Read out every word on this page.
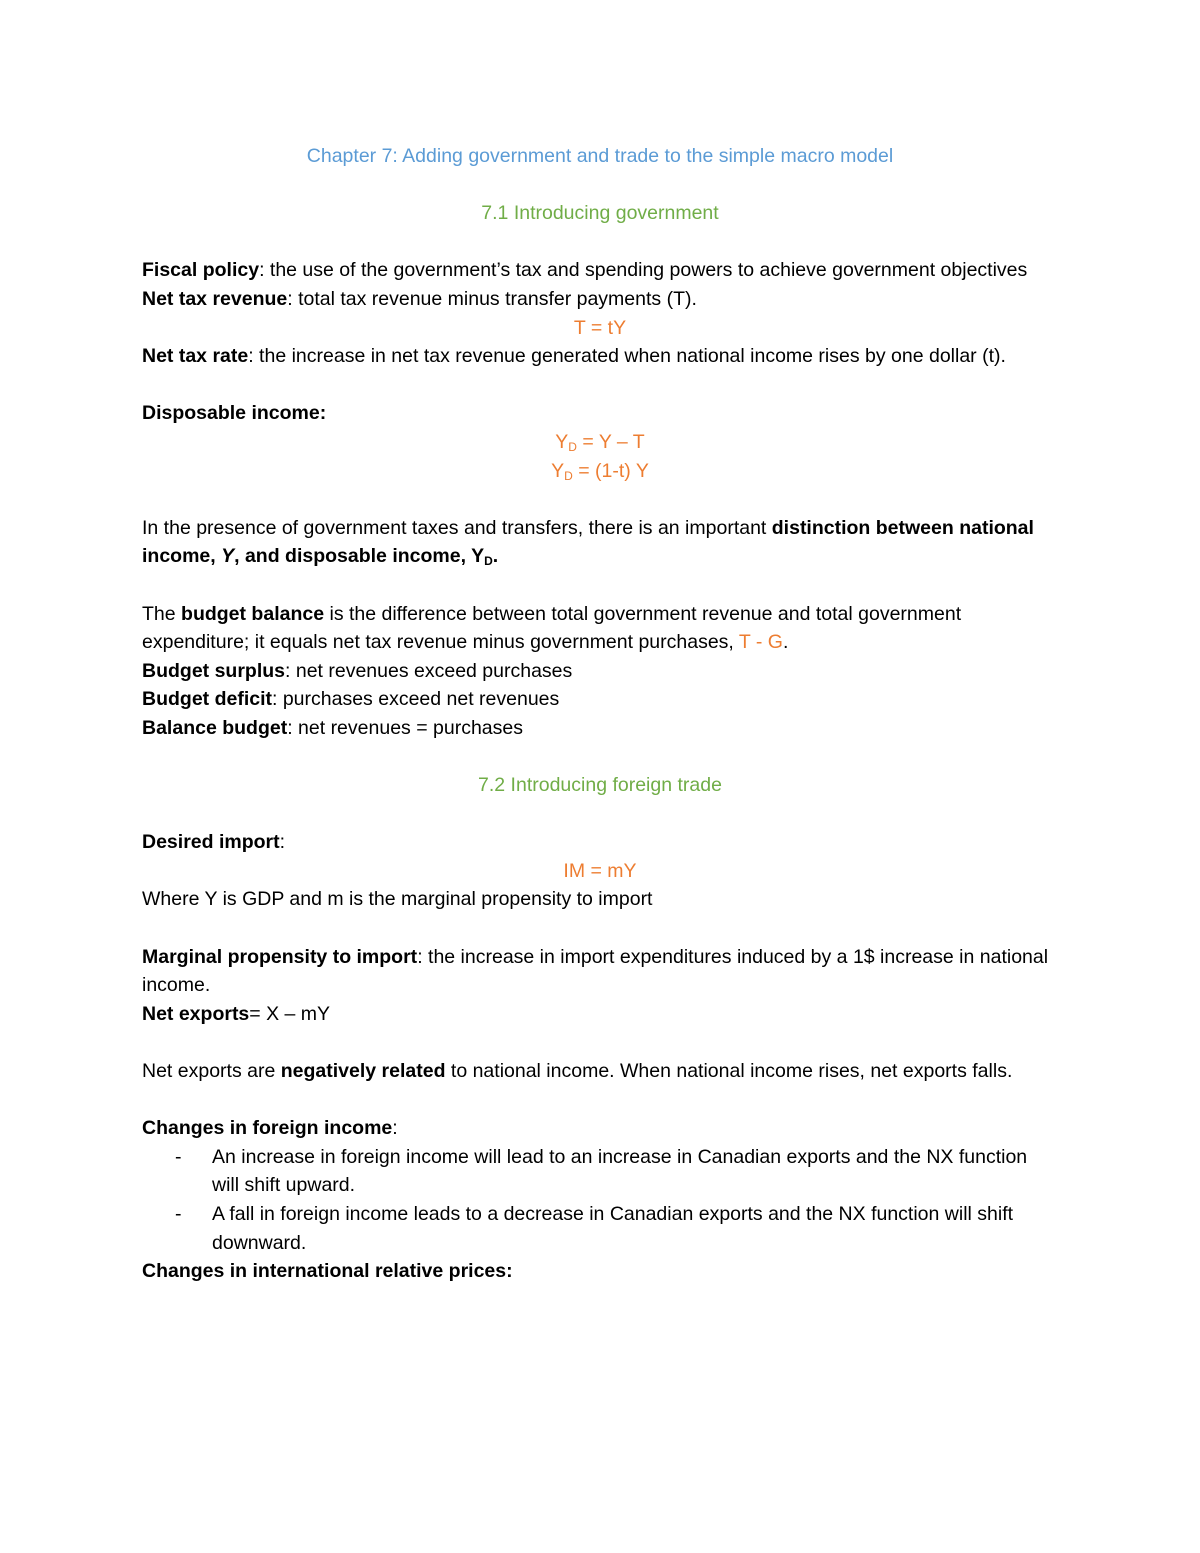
Chapter 7: Adding government and trade to the simple macro model

7.1 Introducing government

Fiscal policy: the use of the government’s tax and spending powers to achieve government objectives

Net tax revenue: total tax revenue minus transfer payments (T).

T = tY

Net tax rate: the increase in net tax revenue generated when national income rises by one dollar (t).

Disposable income:

$Y_D = Y - T$

$Y_D = (1-t)$ Y

In the presence of government taxes and transfers, there is an important distinction between national income, Y, and disposable income, $Y_D$.

The budget balance is the difference between total government revenue and total government expenditure; it equals net tax revenue minus government purchases, T - G.

Budget surplus: net revenues exceed purchases

Budget deficit: purchases exceed net revenues

Balance budget: net revenues = purchases

7.2 Introducing foreign trade

Desired import:

IM = mY

Where Y is GDP and m is the marginal propensity to import

Marginal propensity to import: the increase in import expenditures induced by a 1$ increase in national income.

Net exports= X – mY

Net exports are negatively related to national income. When national income rises, net exports falls.

Changes in foreign income:

- An increase in foreign income will lead to an increase in Canadian exports and the NX function will shift upward.
- A fall in foreign income leads to a decrease in Canadian exports and the NX function will shift downward.

Changes in international relative prices:
